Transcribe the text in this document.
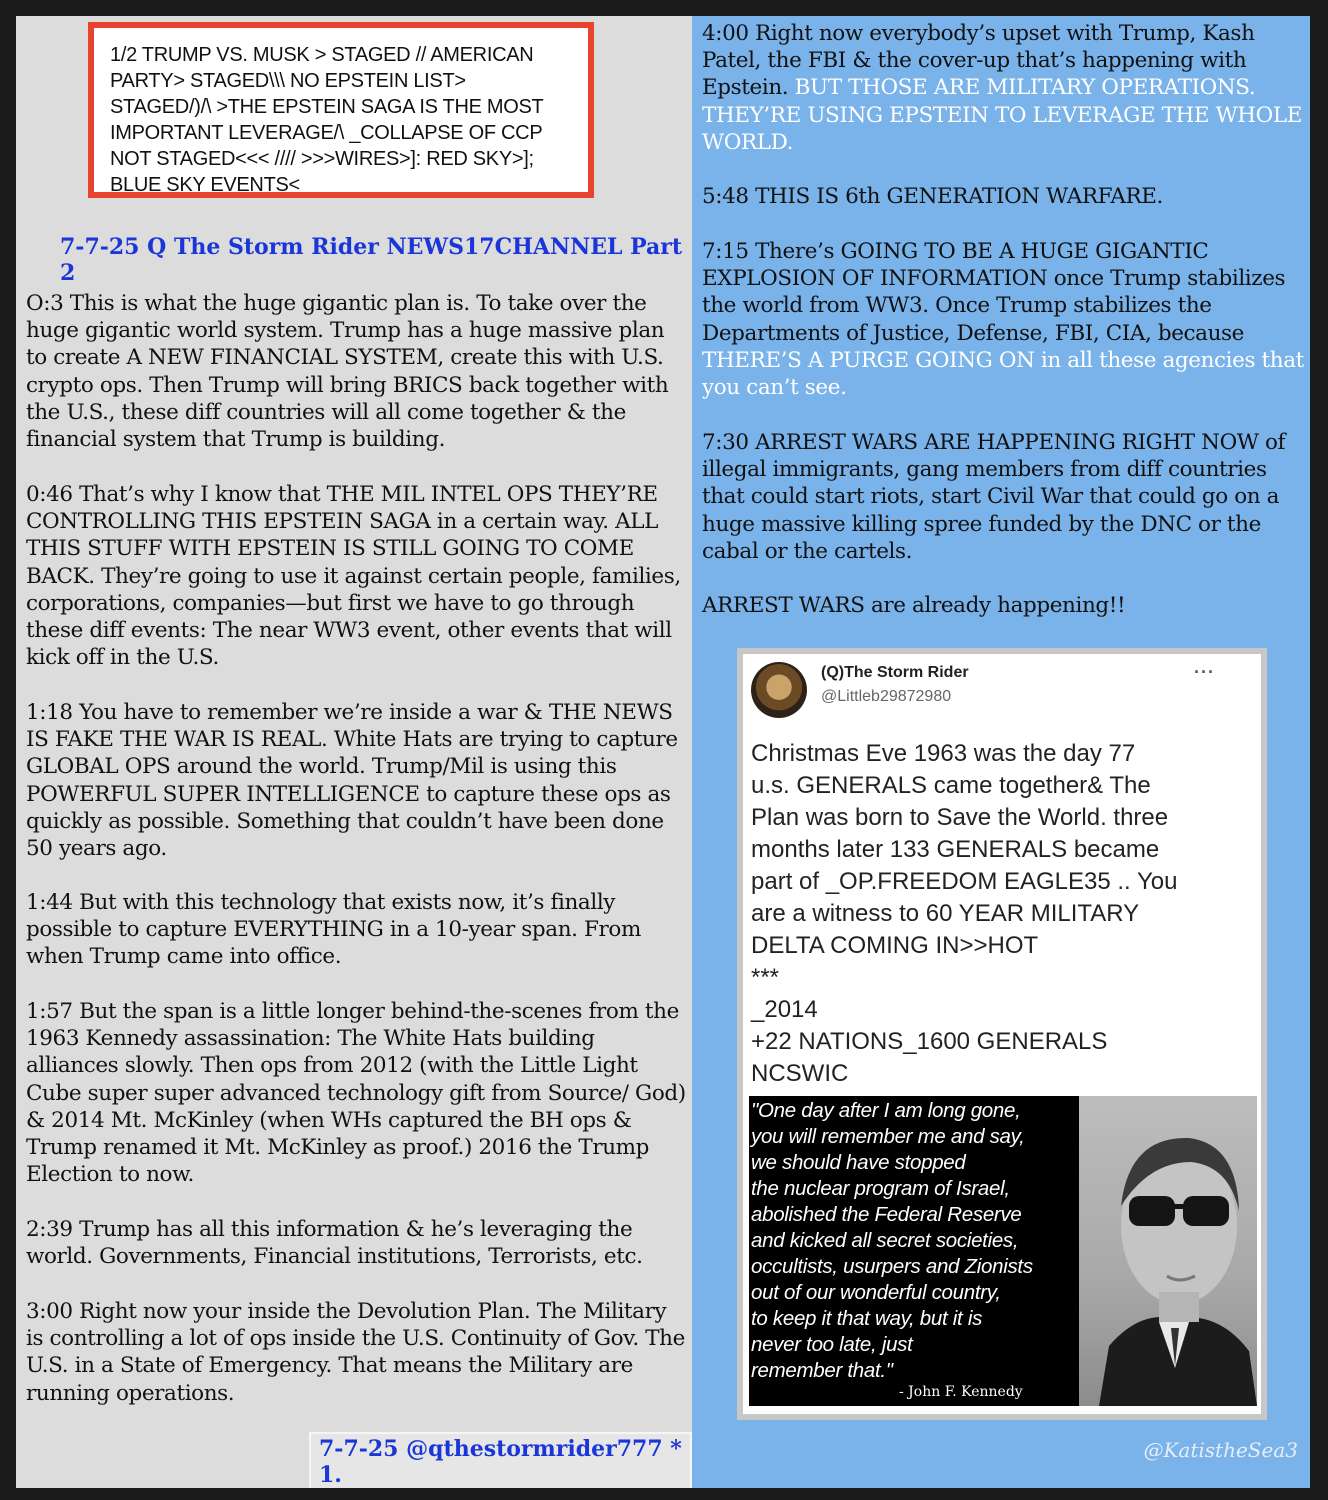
1/2 TRUMP VS. MUSK > STAGED // AMERICAN

PARTY> STAGED\\\ NO EPSTEIN LIST>

STAGED/)/\ >THE EPSTEIN SAGA IS THE MOST

IMPORTANT LEVERAGE/\ _COLLAPSE OF CCP

NOT STAGED<<< //// >>>WIRES>]: RED SKY>];

BLUE SKY EVENTS<

7-7-25 Q The Storm Rider NEWS17CHANNEL Part 2

O:3 This is what the huge gigantic plan is. To take over the huge gigantic world system. Trump has a huge massive plan to create A NEW FINANCIAL SYSTEM, create this with U.S. crypto ops. Then Trump will bring BRICS back together with the U.S., these diff countries will all come together & the financial system that Trump is building.

0:46 That’s why I know that THE MIL INTEL OPS THEY’RE CONTROLLING THIS EPSTEIN SAGA in a certain way. ALL THIS STUFF WITH EPSTEIN IS STILL GOING TO COME BACK. They’re going to use it against certain people, families, corporations, companies—but first we have to go through these diff events: The near WW3 event, other events that will kick off in the U.S.

1:18 You have to remember we’re inside a war & THE NEWS IS FAKE THE WAR IS REAL. White Hats are trying to capture GLOBAL OPS around the world. Trump/Mil is using this POWERFUL SUPER INTELLIGENCE to capture these ops as quickly as possible. Something that couldn’t have been done 50 years ago.

1:44 But with this technology that exists now, it’s finally possible to capture EVERYTHING in a 10-year span. From when Trump came into office.

1:57 But the span is a little longer behind-the-scenes from the 1963 Kennedy assassination: The White Hats building alliances slowly. Then ops from 2012 (with the Little Light Cube super super advanced technology gift from Source/ God) & 2014 Mt. McKinley (when WHs captured the BH ops & Trump renamed it Mt. McKinley as proof.) 2016 the Trump Election to now.

2:39 Trump has all this information & he’s leveraging the world. Governments, Financial institutions, Terrorists, etc.

3:00 Right now your inside the Devolution Plan. The Military is controlling a lot of ops inside the U.S. Continuity of Gov. The U.S. in a State of Emergency. That means the Military are running operations.

7-7-25 @qthestormrider777 * 1.

4:00 Right now everybody’s upset with Trump, Kash Patel, the FBI & the cover-up that’s happening with Epstein. BUT THOSE ARE MILITARY OPERATIONS. THEY’RE USING EPSTEIN TO LEVERAGE THE WHOLE WORLD.

5:48 THIS IS 6th GENERATION WARFARE.

7:15 There’s GOING TO BE A HUGE GIGANTIC EXPLOSION OF INFORMATION once Trump stabilizes the world from WW3. Once Trump stabilizes the Departments of Justice, Defense, FBI, CIA, because THERE’S A PURGE GOING ON in all these agencies that you can’t see.

7:30 ARREST WARS ARE HAPPENING RIGHT NOW of illegal immigrants, gang members from diff countries that could start riots, start Civil War that could go on a huge massive killing spree funded by the DNC or the cabal or the cartels.

ARREST WARS are already happening!!

(Q)The Storm Rider
@Littleb29872980
···

Christmas Eve 1963 was the day 77
u.s. GENERALS came together& The
Plan was born to Save the World. three
months later 133 GENERALS became
part of _OP.FREEDOM EAGLE35 .. You
are a witness to 60 YEAR MILITARY
DELTA COMING IN>>HOT
***
_2014
+22 NATIONS_1600 GENERALS
NCSWIC

"One day after I am long gone,
you will remember me and say,
we should have stopped
the nuclear program of Israel,
abolished the Federal Reserve
and kicked all secret societies,
occultists, usurpers and Zionists
out of our wonderful country,
to keep it that way, but it is
never too late, just
remember that."

- John F. Kennedy
@KatistheSea3
